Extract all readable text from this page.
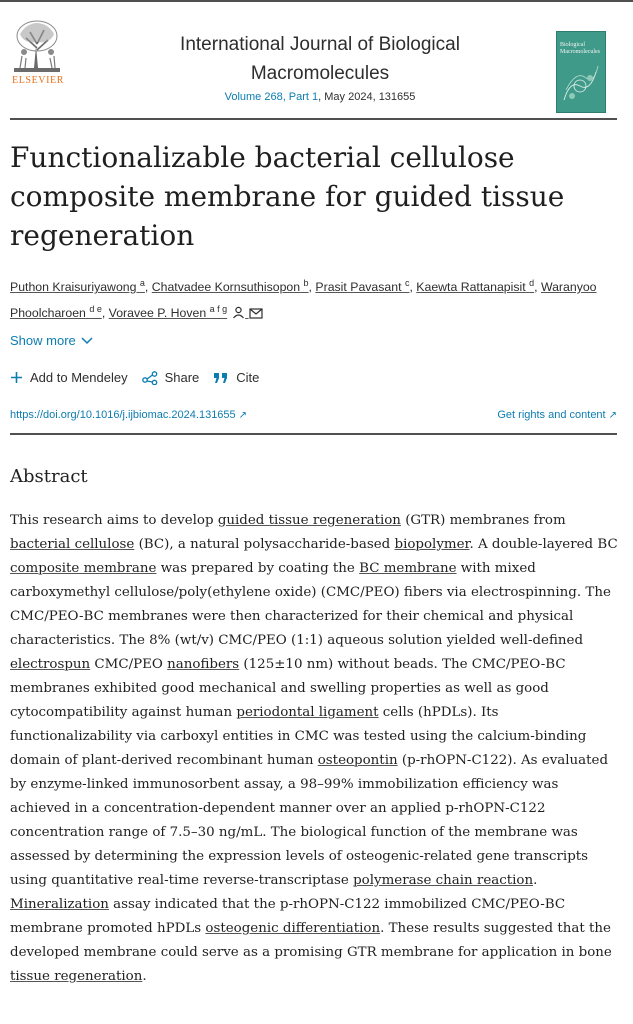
ELSEVIER
International Journal of Biological
Macromolecules
Volume 268, Part 1, May 2024, 131655
Biological
Macromolecules
Functionalizable bacterial cellulose composite membrane for guided tissue regeneration
Puthon Kraisuriyawong $^a$, Chatvadee Kornsuthisopon $^b$, Prasit Pavasant $^c$, Kaewta Rattanapisit $^d$, Waranyoo Phoolcharoen $^{d e}$, Voravee P. Hoven $^{a f g}$
Show more
Add to Mendeley	Share	Cite
https://doi.org/10.1016/j.ijbiomac.2024.131655 ↗	Get rights and content ↗
Abstract

This research aims to develop guided tissue regeneration (GTR) membranes from bacterial cellulose (BC), a natural polysaccharide-based biopolymer. A double-layered BC composite membrane was prepared by coating the BC membrane with mixed carboxymethyl cellulose/poly(ethylene oxide) (CMC/PEO) fibers via electrospinning. The CMC/PEO-BC membranes were then characterized for their chemical and physical characteristics. The 8% (wt/v) CMC/PEO (1:1) aqueous solution yielded well-defined electrospun CMC/PEO nanofibers (125±10 nm) without beads. The CMC/PEO-BC membranes exhibited good mechanical and swelling properties as well as good cytocompatibility against human periodontal ligament cells (hPDLs). Its functionalizability via carboxyl entities in CMC was tested using the calcium-binding domain of plant-derived recombinant human osteopontin (p-rhOPN-C122). As evaluated by enzyme-linked immunosorbent assay, a 98–99% immobilization efficiency was achieved in a concentration-dependent manner over an applied p-rhOPN-C122 concentration range of 7.5–30 ng/mL. The biological function of the membrane was assessed by determining the expression levels of osteogenic-related gene transcripts using quantitative real-time reverse-transcriptase polymerase chain reaction. Mineralization assay indicated that the p-rhOPN-C122 immobilized CMC/PEO-BC membrane promoted hPDLs osteogenic differentiation. These results suggested that the developed membrane could serve as a promising GTR membrane for application in bone tissue regeneration.
